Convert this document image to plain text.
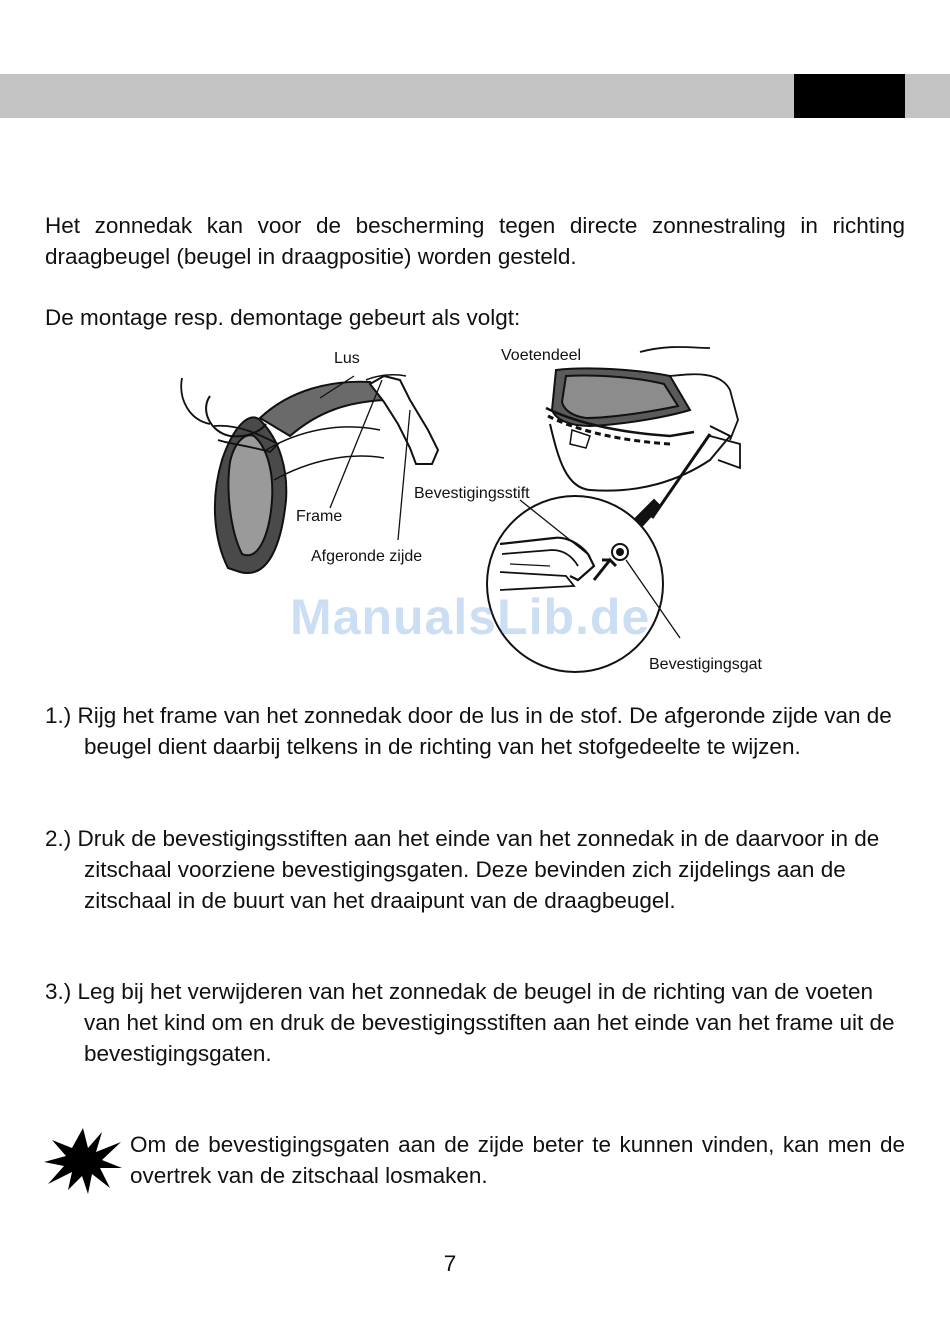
Het zonnedak kan voor de bescherming tegen directe zonnestraling in richting draagbeugel (beugel in draagpositie) worden gesteld.

De montage resp. demontage gebeurt als volgt:

Lus	Voetendeel
Frame
Bevestigingsstift
Afgeronde zijde
Bevestigingsgat
ManualsLib.de

1.) Rijg het frame van het zonnedak door de lus in de stof. De afgeronde zijde van de beugel dient daarbij telkens in de richting van het stofgedeelte te wijzen.

2.) Druk de bevestigingsstiften aan het einde van het zonnedak in de daarvoor in de zitschaal voorziene bevestigingsgaten. Deze bevinden zich zijdelings aan de zitschaal in de buurt van het draaipunt van de draagbeugel.

3.) Leg bij het verwijderen van het zonnedak de beugel in de richting van de voeten van het kind om en druk de bevestigingsstiften aan het einde van het frame uit de bevestigingsgaten.

Om de bevestigingsgaten aan de zijde beter te kunnen vinden, kan men de overtrek van de zitschaal losmaken.

7
